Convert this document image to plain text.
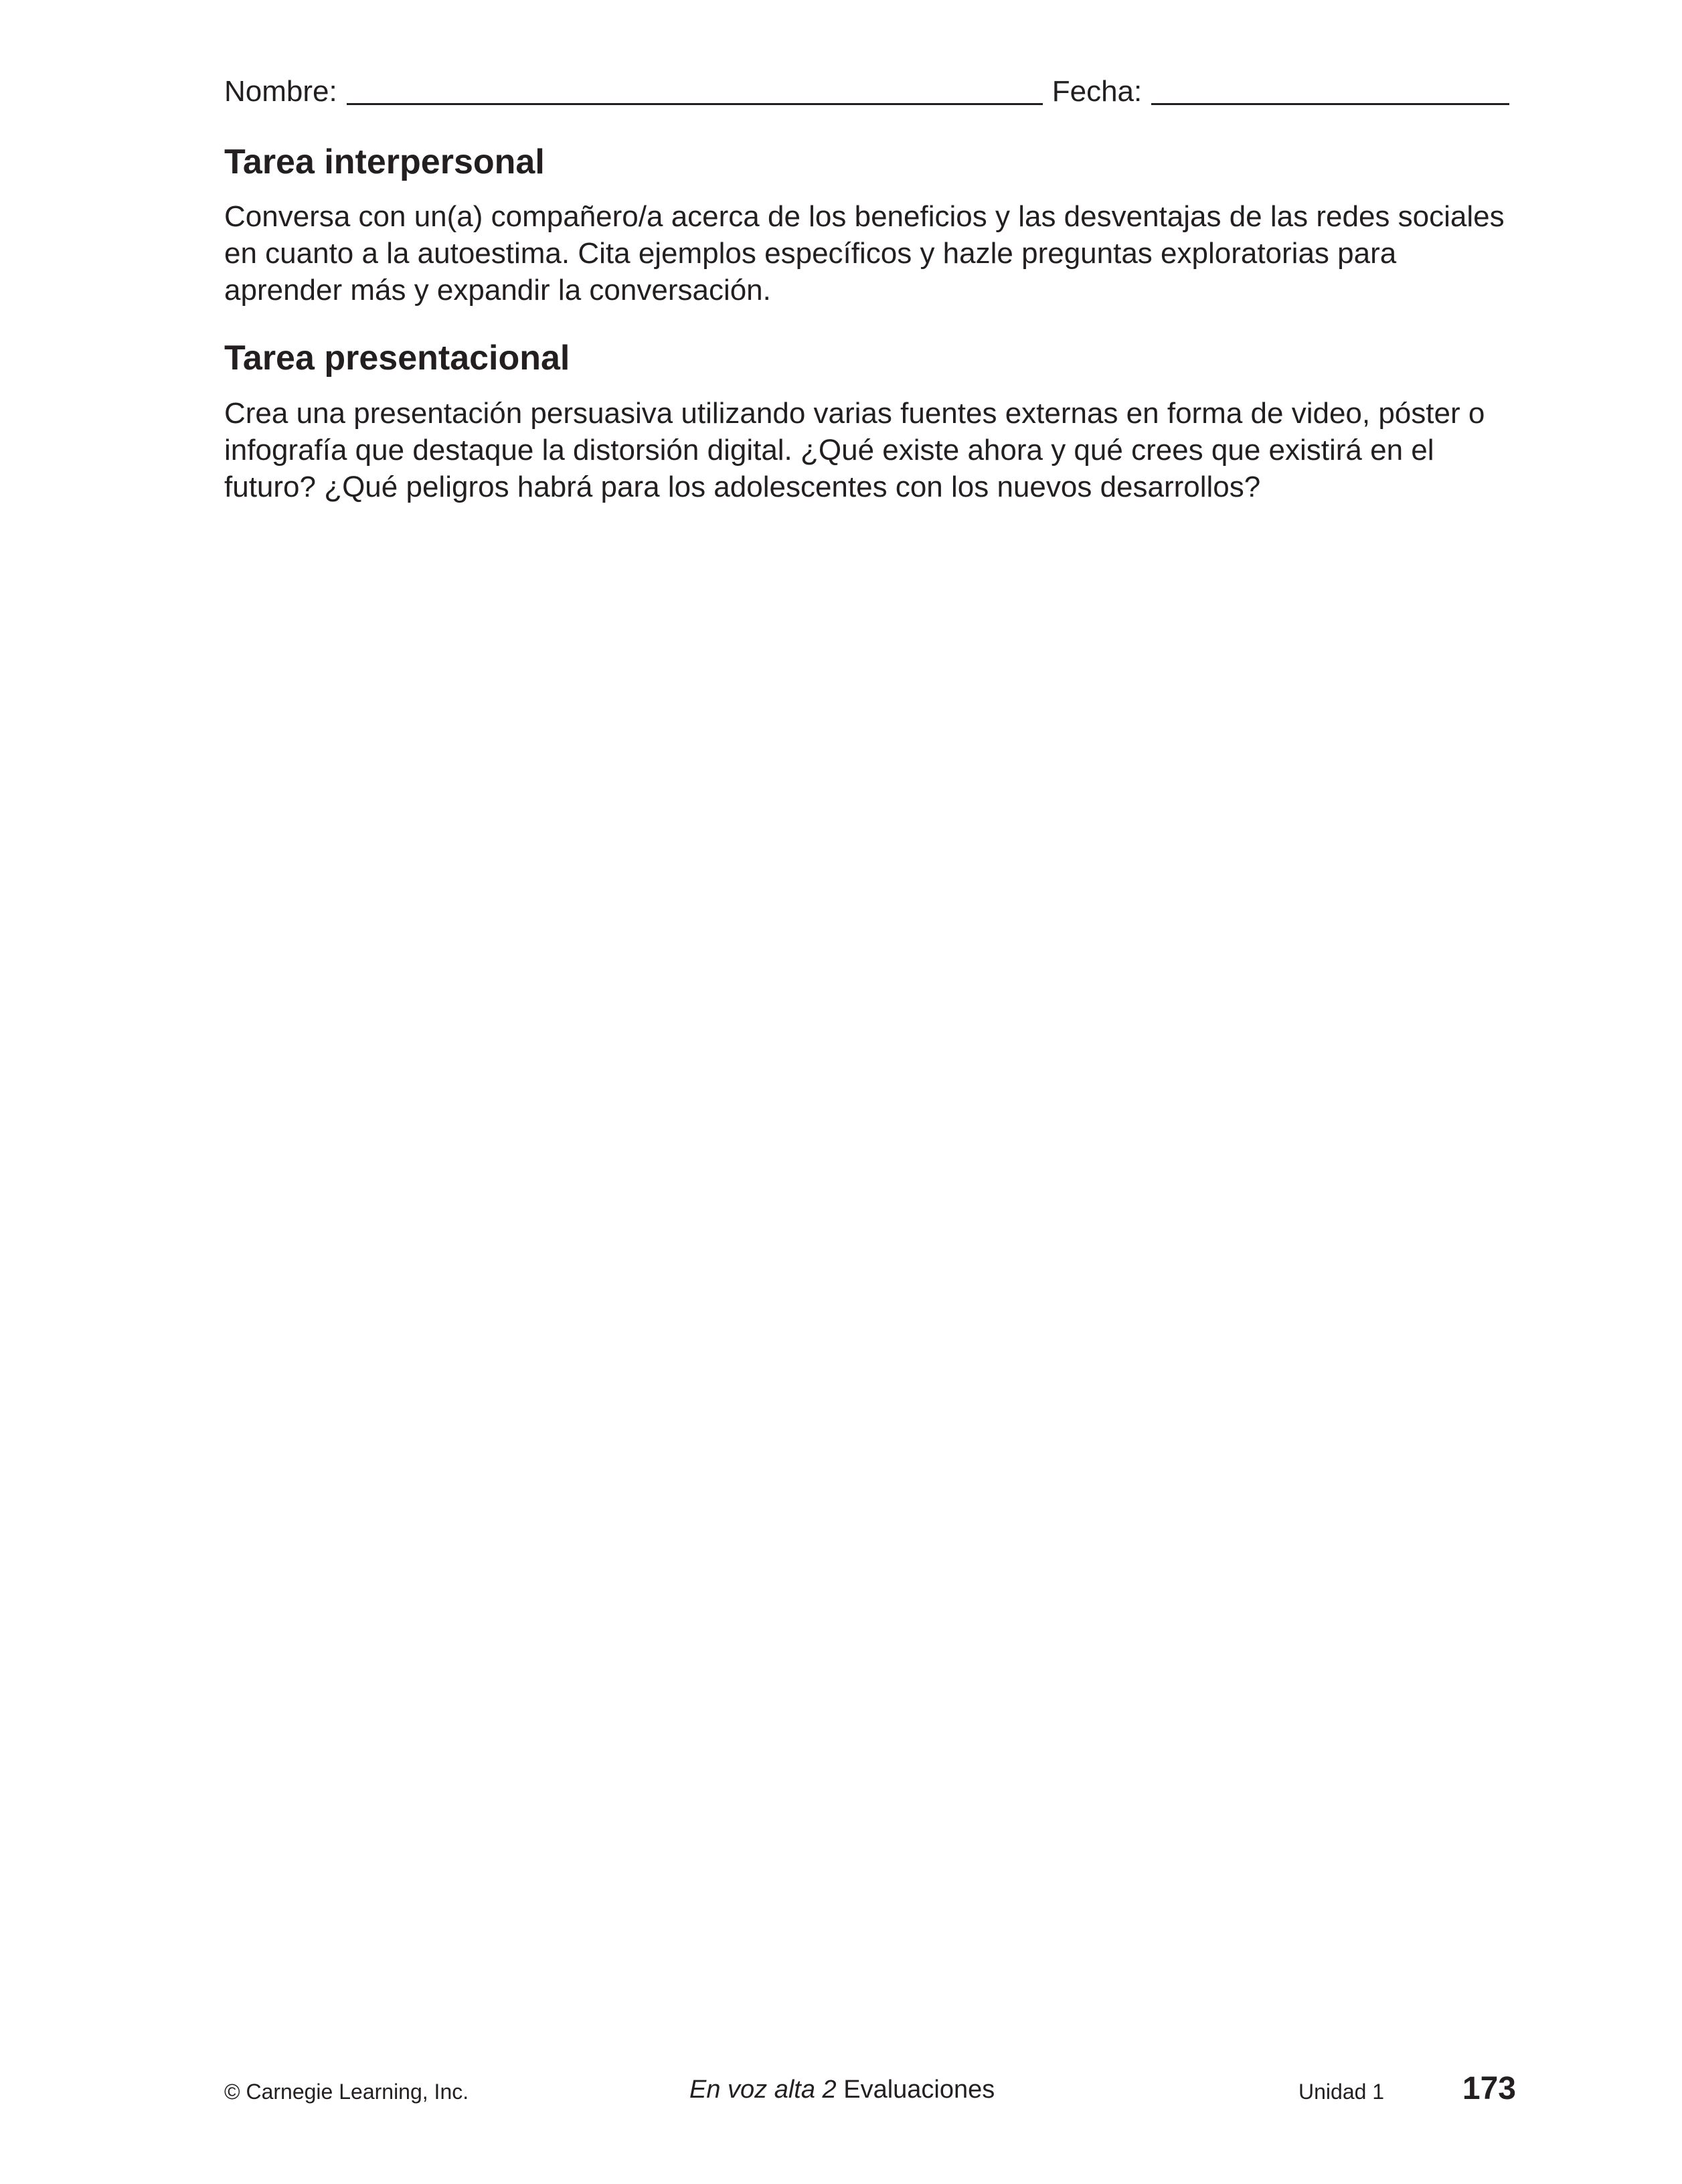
Nombre:	Fecha:
Tarea interpersonal

Conversa con un(a) compañero/a acerca de los beneficios y las desventajas de las redes sociales en cuanto a la autoestima. Cita ejemplos específicos y hazle preguntas exploratorias para aprender más y expandir la conversación.

Tarea presentacional

Crea una presentación persuasiva utilizando varias fuentes externas en forma de video, póster o infografía que destaque la distorsión digital. ¿Qué existe ahora y qué crees que existirá en el futuro? ¿Qué peligros habrá para los adolescentes con los nuevos desarrollos?

© Carnegie Learning, Inc.	En voz alta 2 Evaluaciones	Unidad 1 173
